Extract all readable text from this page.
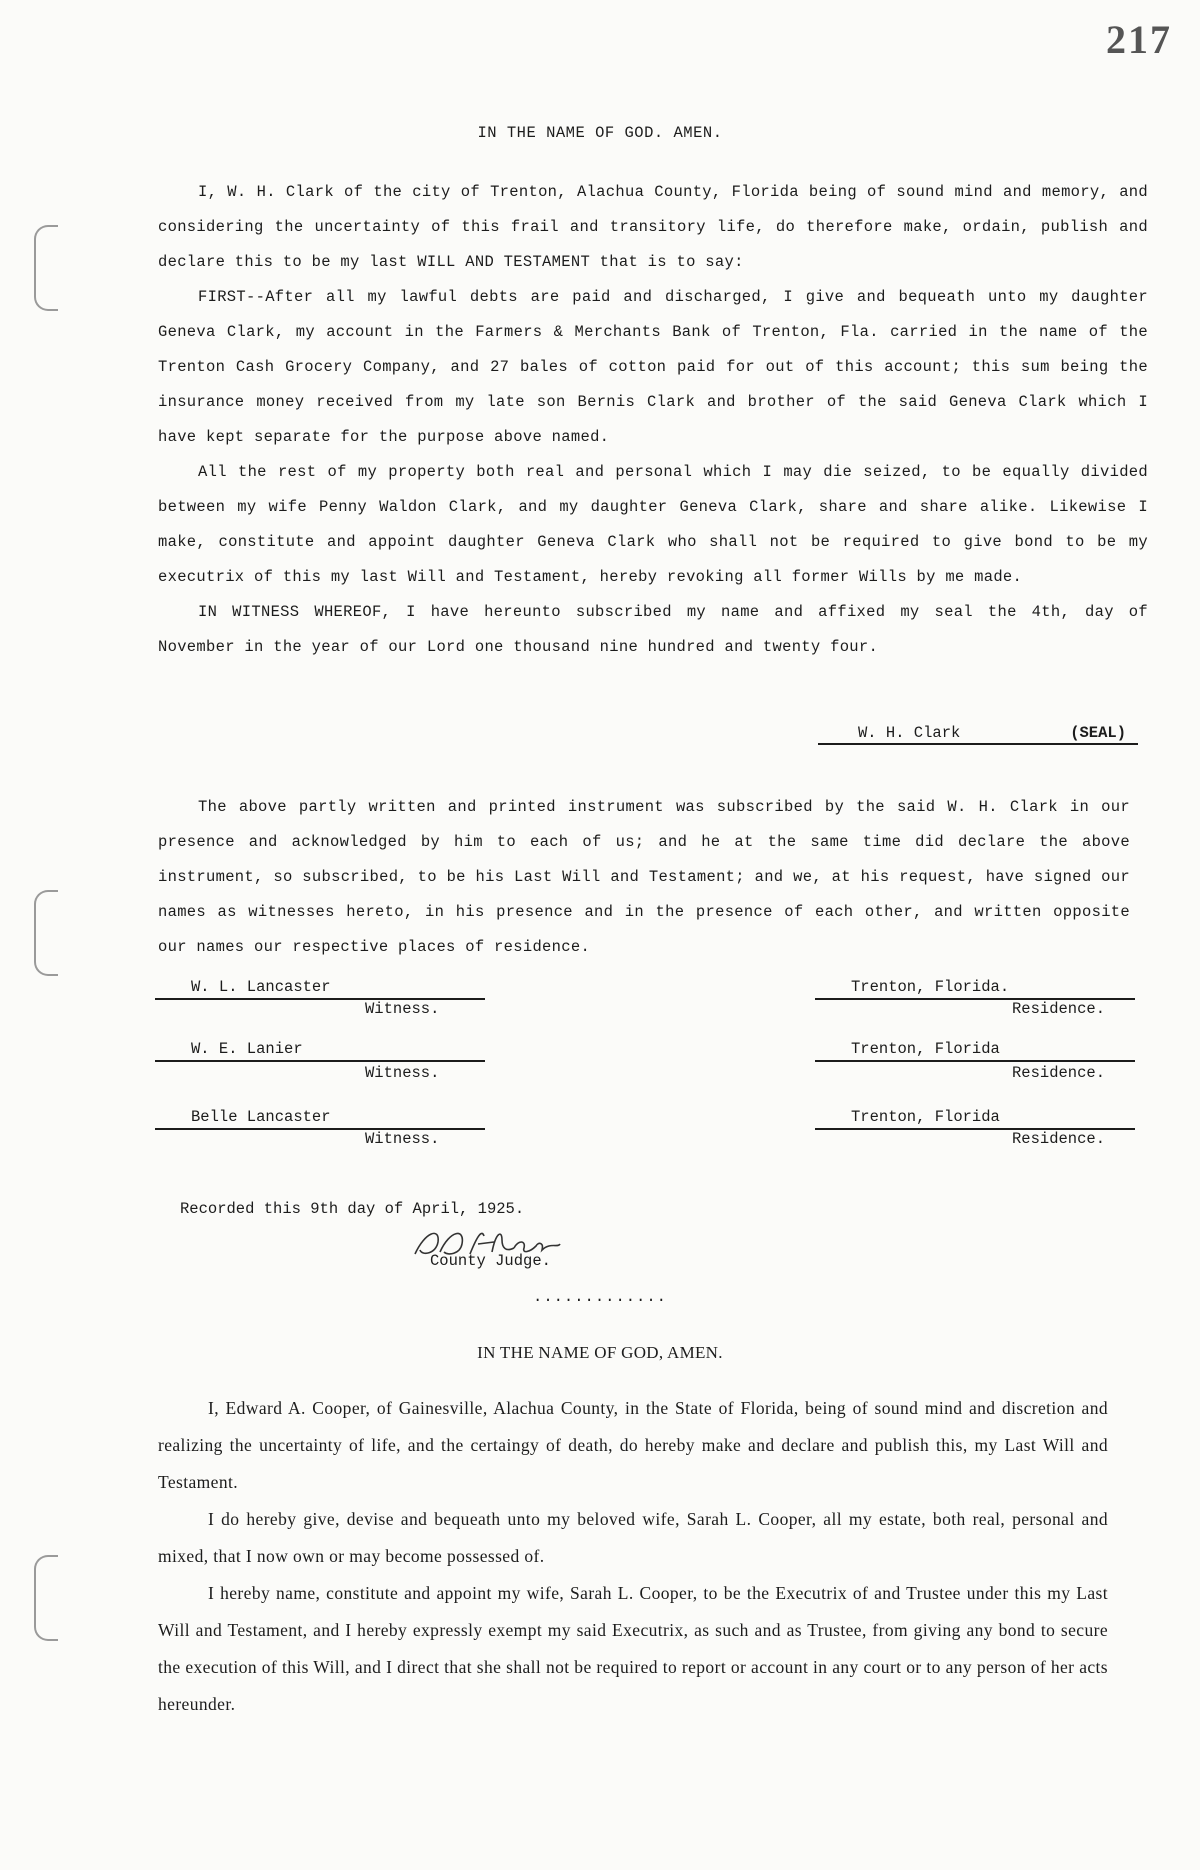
217
IN THE NAME OF GOD. AMEN.

I, W. H. Clark of the city of Trenton, Alachua County, Florida being of sound mind and memory, and considering the uncertainty of this frail and transitory life, do therefore make, ordain, publish and declare this to be my last WILL AND TESTAMENT that is to say:

FIRST--After all my lawful debts are paid and discharged, I give and bequeath unto my daughter Geneva Clark, my account in the Farmers & Merchants Bank of Trenton, Fla. carried in the name of the Trenton Cash Grocery Company, and 27 bales of cotton paid for out of this account; this sum being the insurance money received from my late son Bernis Clark and brother of the said Geneva Clark which I have kept separate for the purpose above named.

All the rest of my property both real and personal which I may die seized, to be equally divided between my wife Penny Waldon Clark, and my daughter Geneva Clark, share and share alike. Likewise I make, constitute and appoint daughter Geneva Clark who shall not be required to give bond to be my executrix of this my last Will and Testament, hereby revoking all former Wills by me made.

IN WITNESS WHEREOF, I have hereunto subscribed my name and affixed my seal the 4th, day of November in the year of our Lord one thousand nine hundred and twenty four.

W. H. Clark	(SEAL)

The above partly written and printed instrument was subscribed by the said W. H. Clark in our presence and acknowledged by him to each of us; and he at the same time did declare the above instrument, so subscribed, to be his Last Will and Testament; and we, at his request, have signed our names as witnesses hereto, in his presence and in the presence of each other, and written opposite our names our respective places of residence.

W. L. Lancaster
Witness.
Trenton, Florida.
Residence.
W. E. Lanier
Witness.
Trenton, Florida
Residence.
Belle Lancaster
Witness.
Trenton, Florida
Residence.
Recorded this 9th day of April, 1925.
County Judge.
.............
IN THE NAME OF GOD, AMEN.

I, Edward A. Cooper, of Gainesville, Alachua County, in the State of Florida, being of sound mind and discretion and realizing the uncertainty of life, and the certaingy of death, do hereby make and declare and publish this, my Last Will and Testament.

I do hereby give, devise and bequeath unto my beloved wife, Sarah L. Cooper, all my estate, both real, personal and mixed, that I now own or may become possessed of.

I hereby name, constitute and appoint my wife, Sarah L. Cooper, to be the Executrix of and Trustee under this my Last Will and Testament, and I hereby expressly exempt my said Executrix, as such and as Trustee, from giving any bond to secure the execution of this Will, and I direct that she shall not be required to report or account in any court or to any person of her acts hereunder.
